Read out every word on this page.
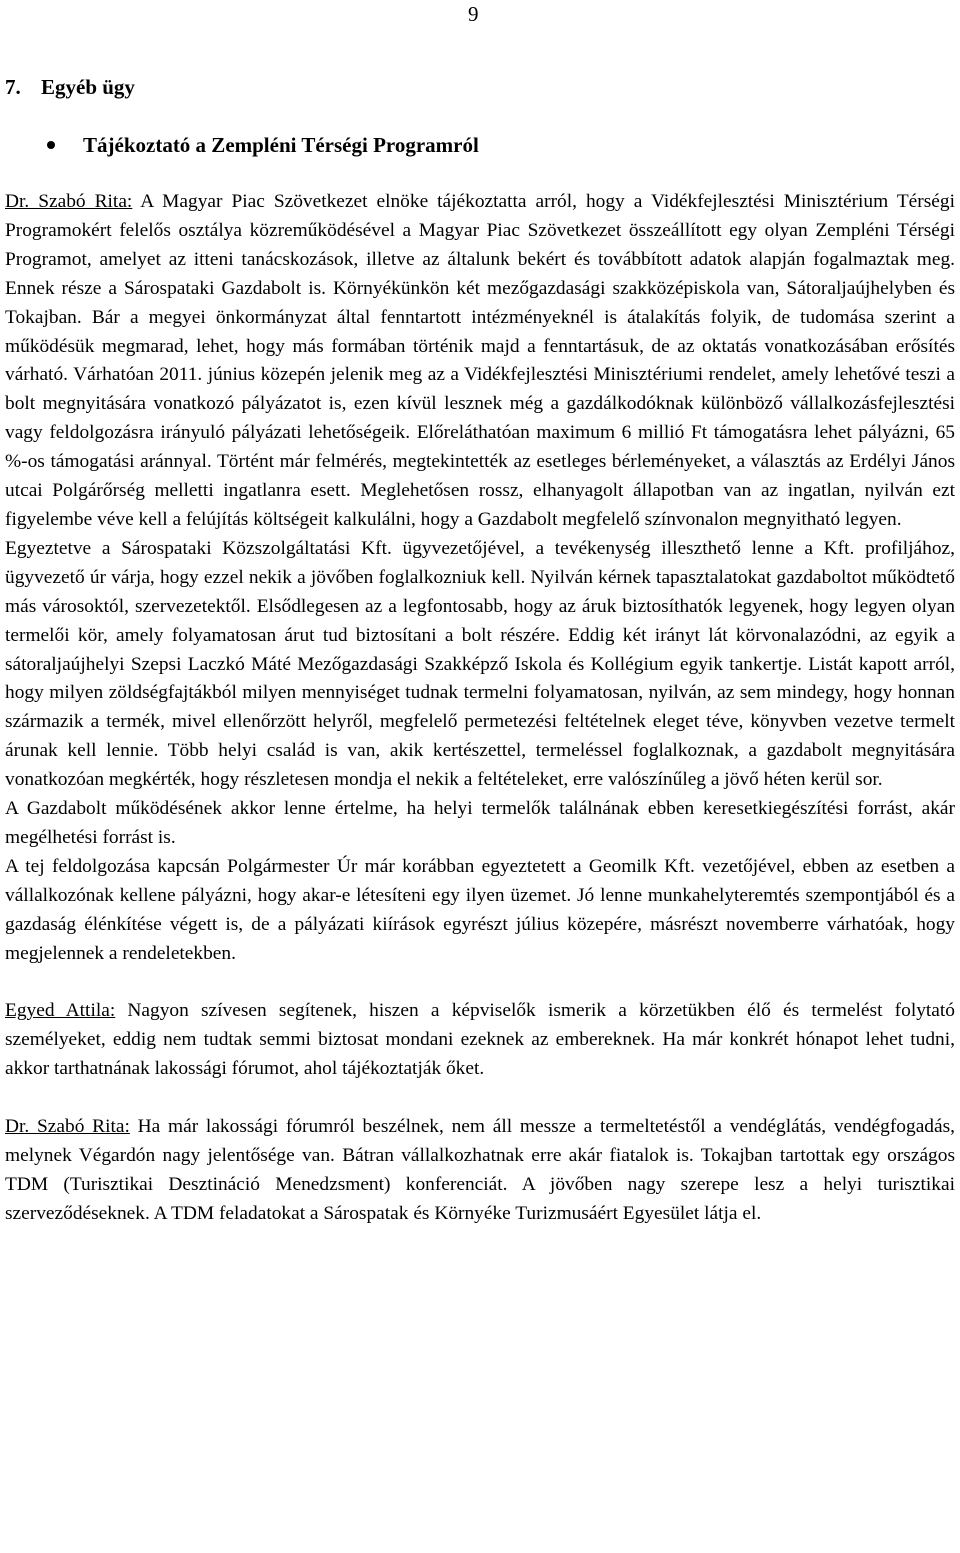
9
7. Egyéb ügy

Tájékoztató a Zempléni Térségi Programról

Dr. Szabó Rita: A Magyar Piac Szövetkezet elnöke tájékoztatta arról, hogy a Vidékfejlesztési Minisztérium Térségi Programokért felelős osztálya közreműködésével a Magyar Piac Szövetkezet összeállított egy olyan Zempléni Térségi Programot, amelyet az itteni tanácskozások, illetve az általunk bekért és továbbított adatok alapján fogalmaztak meg. Ennek része a Sárospataki Gazdabolt is. Környékünkön két mezőgazdasági szakközépiskola van, Sátoraljaújhelyben és Tokajban. Bár a megyei önkormányzat által fenntartott intézményeknél is átalakítás folyik, de tudomása szerint a működésük megmarad, lehet, hogy más formában történik majd a fenntartásuk, de az oktatás vonatkozásában erősítés várható. Várhatóan 2011. június közepén jelenik meg az a Vidékfejlesztési Minisztériumi rendelet, amely lehetővé teszi a bolt megnyitására vonatkozó pályázatot is, ezen kívül lesznek még a gazdálkodóknak különböző vállalkozásfejlesztési vagy feldolgozásra irányuló pályázati lehetőségeik. Előreláthatóan maximum 6 millió Ft támogatásra lehet pályázni, 65 %-os támogatási aránnyal. Történt már felmérés, megtekintették az esetleges bérleményeket, a választás az Erdélyi János utcai Polgárőrség melletti ingatlanra esett. Meglehetősen rossz, elhanyagolt állapotban van az ingatlan, nyilván ezt figyelembe véve kell a felújítás költségeit kalkulálni, hogy a Gazdabolt megfelelő színvonalon megnyitható legyen.

Egyeztetve a Sárospataki Közszolgáltatási Kft. ügyvezetőjével, a tevékenység illeszthető lenne a Kft. profiljához, ügyvezető úr várja, hogy ezzel nekik a jövőben foglalkozniuk kell. Nyilván kérnek tapasztalatokat gazdaboltot működtető más városoktól, szervezetektől. Elsődlegesen az a legfontosabb, hogy az áruk biztosíthatók legyenek, hogy legyen olyan termelői kör, amely folyamatosan árut tud biztosítani a bolt részére. Eddig két irányt lát körvonalazódni, az egyik a sátoraljaújhelyi Szepsi Laczkó Máté Mezőgazdasági Szakképző Iskola és Kollégium egyik tankertje. Listát kapott arról, hogy milyen zöldségfajtákból milyen mennyiséget tudnak termelni folyamatosan, nyilván, az sem mindegy, hogy honnan származik a termék, mivel ellenőrzött helyről, megfelelő permetezési feltételnek eleget téve, könyvben vezetve termelt árunak kell lennie. Több helyi család is van, akik kertészettel, termeléssel foglalkoznak, a gazdabolt megnyitására vonatkozóan megkérték, hogy részletesen mondja el nekik a feltételeket, erre valószínűleg a jövő héten kerül sor.

A Gazdabolt működésének akkor lenne értelme, ha helyi termelők találnának ebben keresetkiegészítési forrást, akár megélhetési forrást is.

A tej feldolgozása kapcsán Polgármester Úr már korábban egyeztetett a Geomilk Kft. vezetőjével, ebben az esetben a vállalkozónak kellene pályázni, hogy akar-e létesíteni egy ilyen üzemet. Jó lenne munkahelyteremtés szempontjából és a gazdaság élénkítése végett is, de a pályázati kiírások egyrészt július közepére, másrészt novemberre várhatóak, hogy megjelennek a rendeletekben.

Egyed Attila: Nagyon szívesen segítenek, hiszen a képviselők ismerik a körzetükben élő és termelést folytató személyeket, eddig nem tudtak semmi biztosat mondani ezeknek az embereknek. Ha már konkrét hónapot lehet tudni, akkor tarthatnának lakossági fórumot, ahol tájékoztatják őket.

Dr. Szabó Rita: Ha már lakossági fórumról beszélnek, nem áll messze a termeltetéstől a vendéglátás, vendégfogadás, melynek Végardón nagy jelentősége van. Bátran vállalkozhatnak erre akár fiatalok is. Tokajban tartottak egy országos TDM (Turisztikai Desztináció Menedzsment) konferenciát. A jövőben nagy szerepe lesz a helyi turisztikai szerveződéseknek. A TDM feladatokat a Sárospatak és Környéke Turizmusáért Egyesület látja el.
